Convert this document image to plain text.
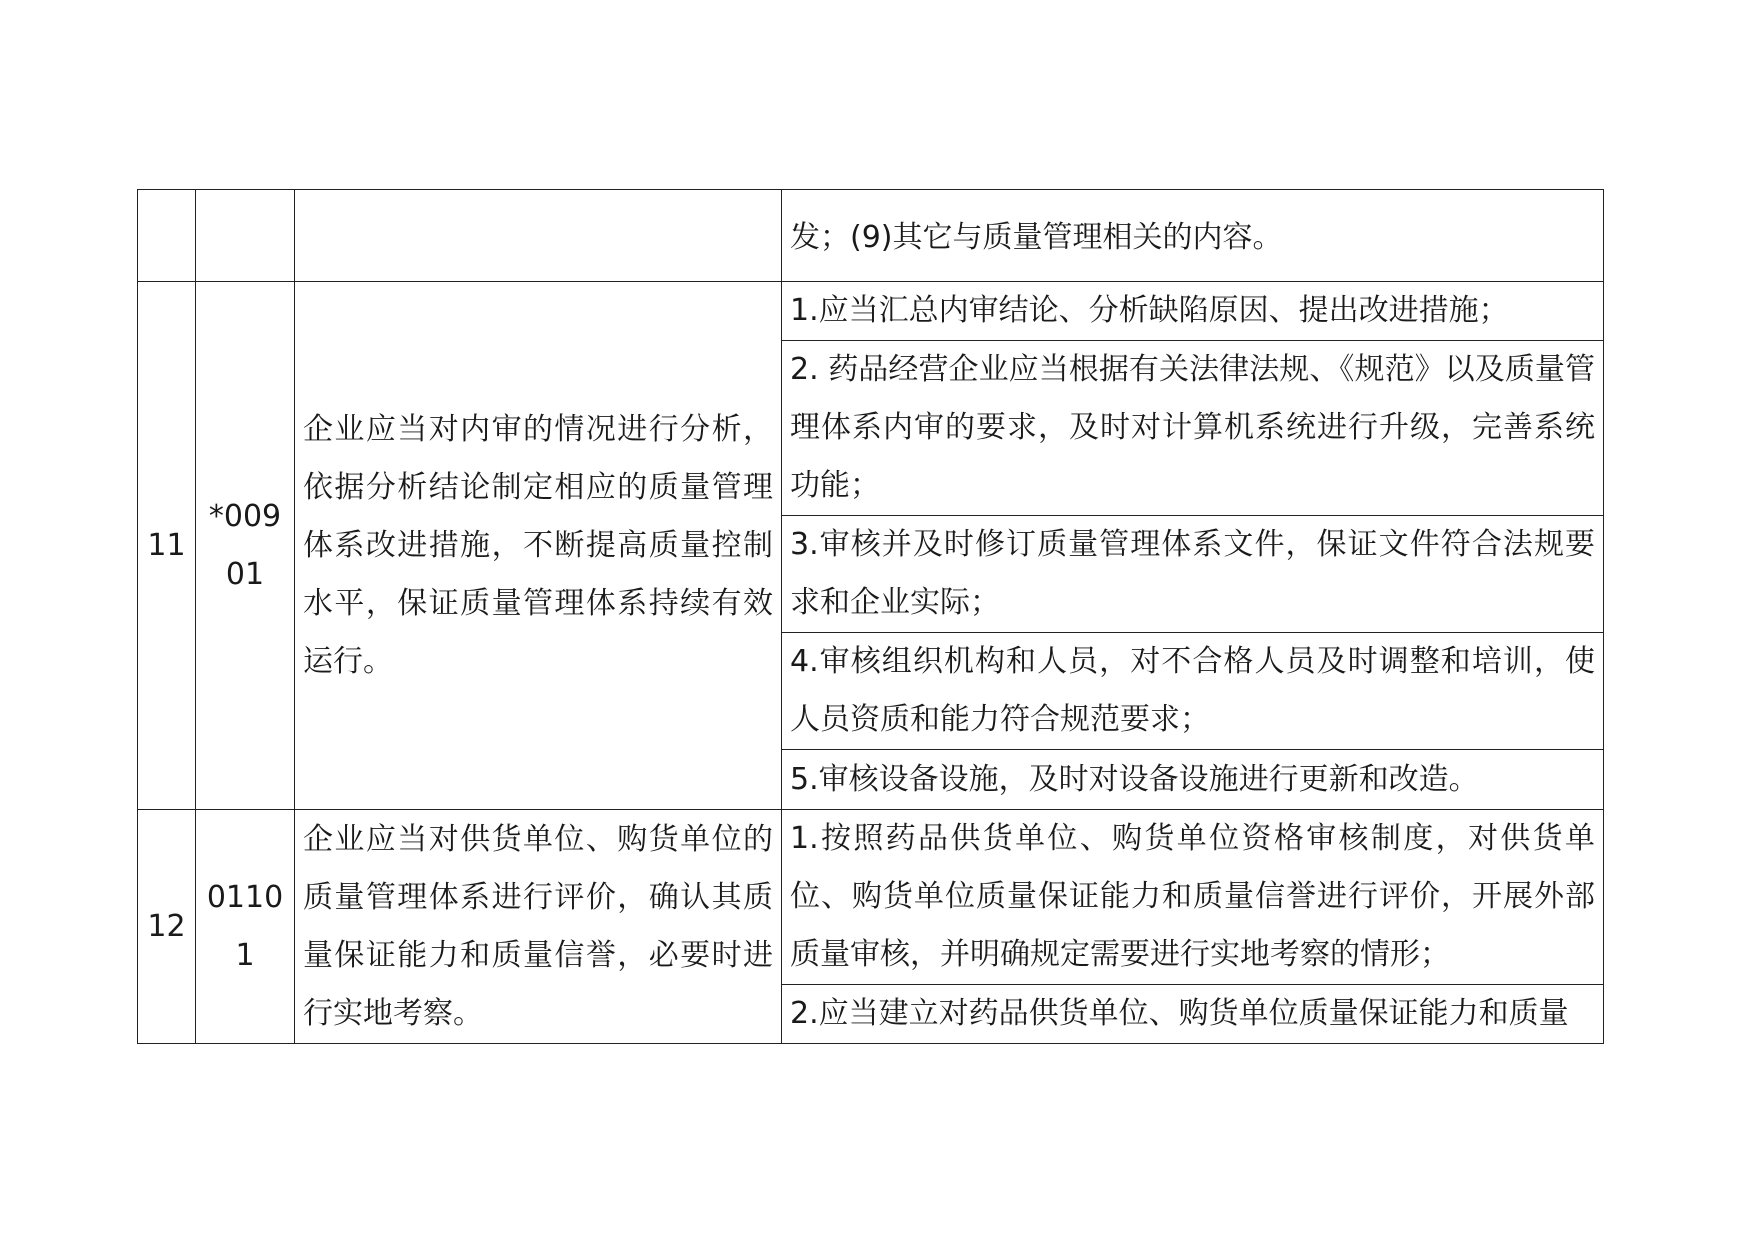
			发；(9)其它与质量管理相关的内容。
11	*00901	企业应当对内审的情况进行分析，依据分析结论制定相应的质量管理体系改进措施，不断提高质量控制水平，保证质量管理体系持续有效运行。	1.应当汇总内审结论、分析缺陷原因、提出改进措施；
			2. 药品经营企业应当根据有关法律法规、《规范》以及质量管理体系内审的要求，及时对计算机系统进行升级，完善系统功能；
			3.审核并及时修订质量管理体系文件，保证文件符合法规要求和企业实际；
			4.审核组织机构和人员，对不合格人员及时调整和培训，使人员资质和能力符合规范要求；
			5.审核设备设施，及时对设备设施进行更新和改造。
12	01101	企业应当对供货单位、购货单位的质量管理体系进行评价，确认其质量保证能力和质量信誉，必要时进行实地考察。	1.按照药品供货单位、购货单位资格审核制度，对供货单位、购货单位质量保证能力和质量信誉进行评价，开展外部质量审核，并明确规定需要进行实地考察的情形；
			2.应当建立对药品供货单位、购货单位质量保证能力和质量
